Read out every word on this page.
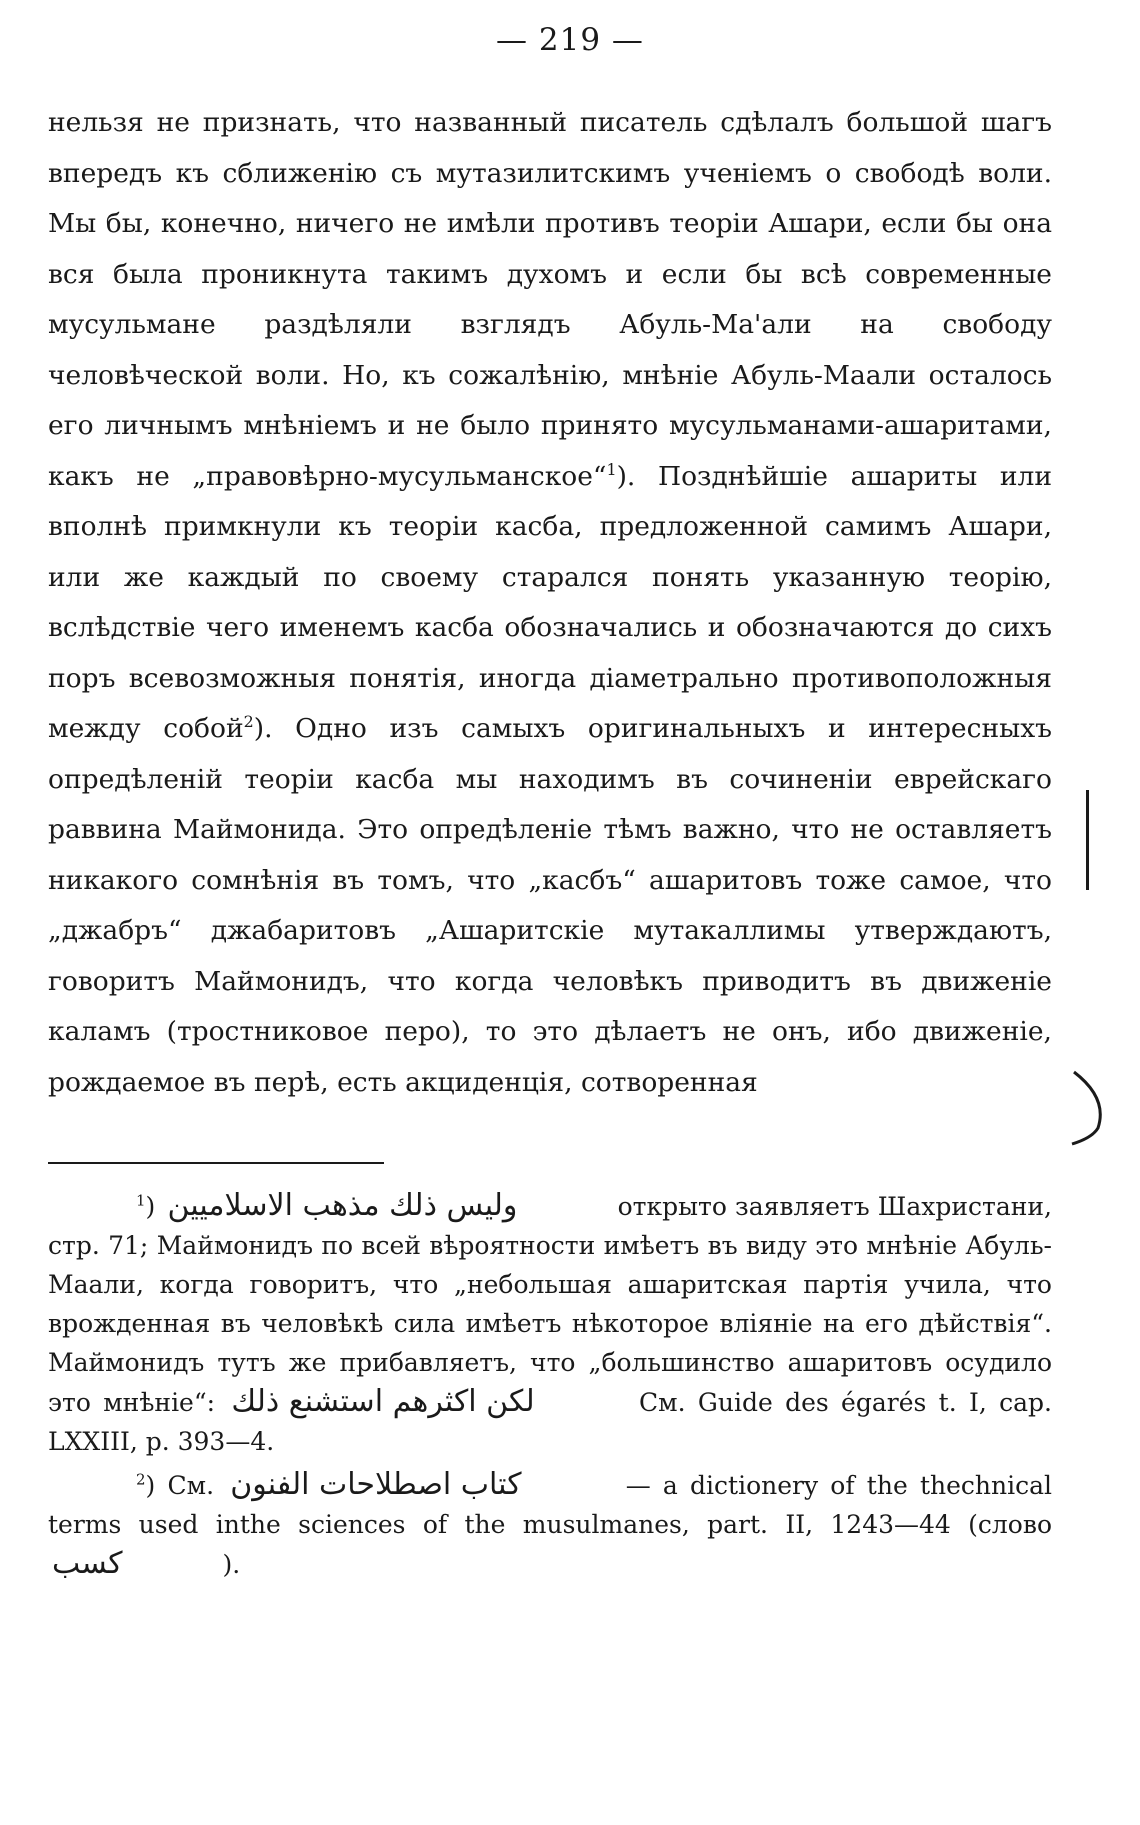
— 219 —

нельзя не признать, что названный писатель сдѣлалъ большой шагъ впередъ къ сближенію съ мутазилитскимъ ученіемъ о свободѣ воли. Мы бы, конечно, ничего не имѣли противъ теоріи Ашари, если бы она вся была проникнута такимъ духомъ и если бы всѣ современные мусульмане раздѣляли взглядъ Абуль-Ма'али на свободу человѣческой воли. Но, къ сожалѣнію, мнѣніе Абуль-Маали осталось его личнымъ мнѣніемъ и не было принято мусульманами-ашаритами, какъ не „правовѣрно-мусульманское“$^1$). Позднѣйшіе ашариты или вполнѣ примкнули къ теоріи касба, предложенной самимъ Ашари, или же каждый по своему старался понять указанную теорію, вслѣдствіе чего именемъ касба обозначались и обозначаются до сихъ поръ всевозможныя понятія, иногда діаметрально противоположныя между собой$^2$). Одно изъ самыхъ оригинальныхъ и интересныхъ опредѣленій теоріи касба мы находимъ въ сочиненіи еврейскаго раввина Маймонида. Это опредѣленіе тѣмъ важно, что не оставляетъ никакого сомнѣнія въ томъ, что „касбъ“ ашаритовъ тоже самое, что „джабръ“ джабаритовъ „Ашаритскіе мутакаллимы утверждаютъ, говоритъ Маймонидъ, что когда человѣкъ приводитъ въ движеніе каламъ (тростниковое перо), то это дѣлаетъ не онъ, ибо движеніе, рождаемое въ перѣ, есть акциденція, сотворенная

$^1$) وليس ذلك مذهب الاسلاميين	открыто заявляетъ Шахристани, стр. 71; Маймонидъ по всей вѣроятности имѣетъ въ виду это мнѣніе Абуль-Маали, когда говоритъ, что „небольшая ашаритская партія учила, что врожденная въ человѣкѣ сила имѣетъ нѣкоторое вліяніе на его дѣйствія“. Маймонидъ тутъ же прибавляетъ, что „большинство ашаритовъ осудило это мнѣніе“: لكن اكثرهم استشنع ذلك	См. Guide des égarés t. I, cap. LXXIII, p. 393—4.

$^2$) См. كتاب اصطلاحات الفنون	— a dictionery of the thechnical terms used inthe sciences of the musulmanes, part. II, 1243—44 (слово كسب	).
